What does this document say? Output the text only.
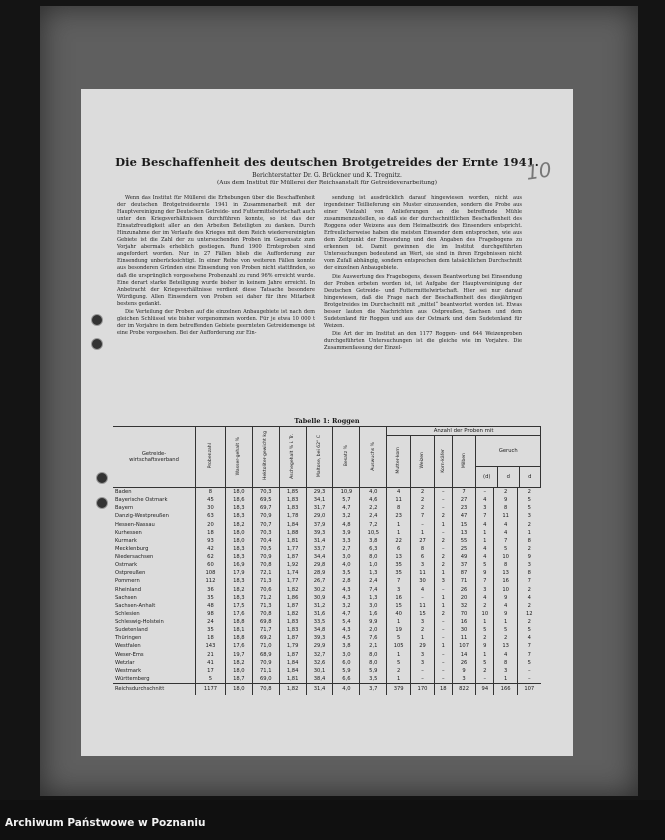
Die Beschaffenheit des deutschen Brotgetreides der Ernte 1941.
10
Berichterstatter Dr. G. Brückner und K. Tregnitz.
(Aus dem Institut für Müllerei der Reichsanstalt für Getreideverarbeitung)

Wenn das Institut für Müllerei die Erhebungen über die Beschaffenheit der deutschen Brotgetreideernte 1941 in Zusammenarbeit mit der Hauptvereinigung der Deutschen Getreide- und Futtermittelwirtschaft auch unter den Kriegsverhältnissen durchführen konnte, so ist das der Einsatzfreudigkeit aller an den Arbeiten Beteiligten zu danken. Durch Hinzunahme der im Verlaufe des Krieges mit dem Reich wiedervereinigten Gebiete ist die Zahl der zu untersuchenden Proben im Gegensatz zum Vorjahr abermals erheblich gestiegen. Rund 1900 Ernteproben sind angefordert worden. Nur in 27 Fällen blieb die Aufforderung zur Einsendung unberücksichtigt. In einer Reihe von weiteren Fällen konnte aus besonderen Gründen eine Einsendung von Proben nicht stattfinden, so daß die ursprünglich vorgesehene Probenzahl zu rund 96% erreicht wurde. Eine derart starke Beteiligung wurde bisher in keinem Jahre erreicht. In Anbetracht der Kriegsverhältnisse verdient diese Tatsache besondere Würdigung. Allen Einsendern von Proben sei daher für ihre Mitarbeit bestens gedankt.

Die Verteilung der Proben auf die einzelnen Anbaugebiete ist nach dem gleichen Schlüssel wie bisher vorgenommen worden. Für je etwa 10 000 t der im Vorjahre in dem betreffenden Gebiete geernteten Getreidemenge ist eine Probe vorgesehen. Bei der Aufforderung zur Ein-

sendung ist ausdrücklich darauf hingewiesen worden, nicht aus irgendeiner Teillieferung ein Muster einzusenden, sondern die Probe aus einer Vielzahl von Anlieferungen an die betreffende Mühle zusammenzustellen, so daß sie der durchschnittlichen Beschaffenheit des Roggens oder Weizens aus dem Heimatbezirk des Einsenders entspricht. Erfreulicherweise haben die meisten Einsender dem entsprochen, wie aus dem Zeitpunkt der Einsendung und den Angaben des Fragebogens zu erkennen ist. Damit gewinnen die im Institut durchgeführten Untersuchungen bedeutend an Wert, sie sind in ihren Ergebnissen nicht vom Zufall abhängig, sondern entsprechen dem tatsächlichen Durchschnitt der einzelnen Anbaugebiete.

Die Auswertung des Fragebogens, dessen Beantwortung bei Einsendung der Proben erbeten worden ist, ist Aufgabe der Hauptvereinigung der Deutschen Getreide- und Futtermittelwirtschaft. Hier sei nur darauf hingewiesen, daß die Frage nach der Beschaffenheit des diesjährigen Brotgetreides im Durchschnitt mit „mittel“ beantwortet worden ist. Etwas besser lauten die Nachrichten aus Ostpreußen, Sachsen und dem Sudetenland für Roggen und aus der Ostmark und dem Sudetenland für Weizen.

Die Art der im Institut an den 1177 Roggen- und 644 Weizenproben durchgeführten Untersuchungen ist die gleiche wie im Vorjahre. Die Zusammenfassung der Einzel-

Tabelle 1: Roggen
Getreide-
wirtschaftsverband	Probenzahl	Wasser-gehalt %	Hektoliter-gewicht kg	Aschegehalt % i. Tr.	Maltose, bei 62° C	Besatz %	Auswuchs %	Anzahl der Proben mit						
								Mutter-korn	Weizen	Korn-käfer	Milben	Geruch
(d) d d		

Baden	8	18,0	70,3	1,85	29,3	10,9	4,0	4	2	–	7	–	2	2
Bayerische Ostmark	45	18,6	69,5	1,83	34,1	5,7	4,6	11	2	–	27	4	9	5
Bayern	30	18,3	69,7	1,83	31,7	4,7	2,2	8	2	–	23	3	8	5
Danzig-Westpreußen	63	18,3	70,9	1,78	29,0	3,2	2,4	23	7	2	47	7	11	3
Hessen-Nassau	20	18,2	70,7	1,84	37,9	4,8	7,2	1	–	1	15	4	4	2
Kurhessen	18	18,0	70,3	1,88	39,3	3,9	10,5	1	1	–	13	1	4	1
Kurmark	93	18,0	70,4	1,81	31,4	3,3	3,8	22	27	2	55	1	7	8
Mecklenburg	42	18,3	70,5	1,77	33,7	2,7	6,3	6	8	–	25	4	5	2
Niedersachsen	62	18,3	70,9	1,87	34,4	3,0	8,0	13	6	2	49	4	10	9
Ostmark	60	16,9	70,8	1,92	29,8	4,0	1,0	35	3	2	37	5	8	3
Ostpreußen	108	17,9	72,1	1,74	28,9	3,5	1,3	35	11	1	87	9	13	8
Pommern	112	18,3	71,3	1,77	26,7	2,8	2,4	7	30	3	71	7	16	7
Rheinland	36	18,2	70,6	1,82	30,2	4,3	7,4	3	4	–	26	3	10	2
Sachsen	35	18,3	71,2	1,86	30,9	4,3	1,3	16	–	1	20	4	9	4
Sachsen-Anhalt	48	17,5	71,3	1,87	31,2	3,2	3,0	15	11	1	32	2	4	2
Schlesien	98	17,6	70,8	1,82	31,6	4,7	1,6	40	15	2	70	10	9	12
Schleswig-Holstein	24	18,8	69,8	1,83	33,5	5,4	9,9	1	3	–	16	1	1	2
Sudetenland	35	18,1	71,7	1,83	34,8	4,3	2,0	19	2	–	30	5	5	5
Thüringen	18	18,8	69,2	1,87	39,3	4,5	7,6	5	1	–	11	2	2	4
Westfalen	143	17,6	71,0	1,79	29,9	3,8	2,1	105	29	1	107	9	13	7
Weser-Ems	21	19,7	68,9	1,87	32,7	3,0	8,0	1	3	–	14	1	4	7
Wetzlar	41	18,2	70,9	1,84	32,6	6,0	8,0	5	3	–	26	5	8	5
Westmark	17	18,0	71,1	1,84	30,1	5,9	5,9	2	–	–	9	2	3	–
Württemberg	5	18,7	69,0	1,81	38,4	6,6	3,5	1	–	–	3	–	1	–
Reichsdurchschnitt	1177	18,0	70,8	1,82	31,4	4,0	3,7	379	170	18	822	94	166	107
Archiwum Państwowe w Poznaniu
